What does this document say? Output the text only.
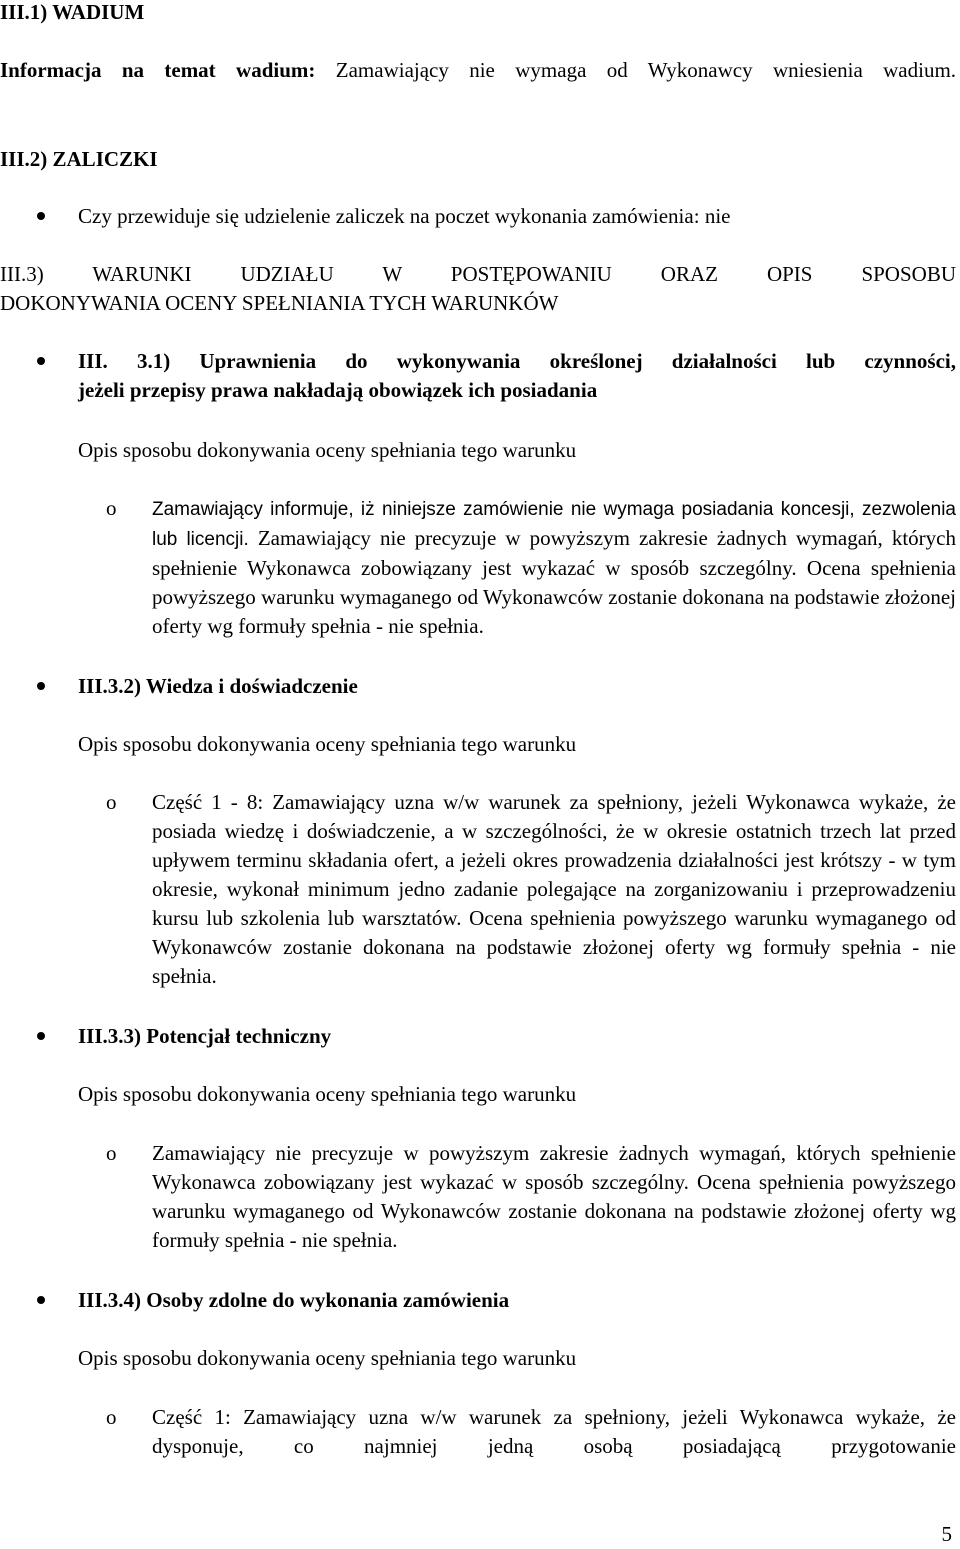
III.1) WADIUM
Informacja na temat wadium: Zamawiający nie wymaga od Wykonawcy wniesienia wadium.
III.2) ZALICZKI
Czy przewiduje się udzielenie zaliczek na poczet wykonania zamówienia: nie
III.3) WARUNKI UDZIAŁU W POSTĘPOWANIU ORAZ OPIS SPOSOBU
DOKONYWANIA OCENY SPEŁNIANIA TYCH WARUNKÓW
III. 3.1) Uprawnienia do wykonywania określonej działalności lub czynności,
jeżeli przepisy prawa nakładają obowiązek ich posiadania
Opis sposobu dokonywania oceny spełniania tego warunku
o Zamawiający informuje, iż niniejsze zamówienie nie wymaga posiadania koncesji, zezwolenia lub licencji. Zamawiający nie precyzuje w powyższym zakresie żadnych wymagań, których spełnienie Wykonawca zobowiązany jest wykazać w sposób szczególny. Ocena spełnienia powyższego warunku wymaganego od Wykonawców zostanie dokonana na podstawie złożonej oferty wg formuły spełnia - nie spełnia.
III.3.2) Wiedza i doświadczenie
Opis sposobu dokonywania oceny spełniania tego warunku
o Część 1 - 8: Zamawiający uzna w/w warunek za spełniony, jeżeli Wykonawca wykaże, że posiada wiedzę i doświadczenie, a w szczególności, że w okresie ostatnich trzech lat przed upływem terminu składania ofert, a jeżeli okres prowadzenia działalności jest krótszy - w tym okresie, wykonał minimum jedno zadanie polegające na zorganizowaniu i przeprowadzeniu kursu lub szkolenia lub warsztatów. Ocena spełnienia powyższego warunku wymaganego od Wykonawców zostanie dokonana na podstawie złożonej oferty wg formuły spełnia - nie spełnia.
III.3.3) Potencjał techniczny
Opis sposobu dokonywania oceny spełniania tego warunku
o Zamawiający nie precyzuje w powyższym zakresie żadnych wymagań, których spełnienie Wykonawca zobowiązany jest wykazać w sposób szczególny. Ocena spełnienia powyższego warunku wymaganego od Wykonawców zostanie dokonana na podstawie złożonej oferty wg formuły spełnia - nie spełnia.
III.3.4) Osoby zdolne do wykonania zamówienia
Opis sposobu dokonywania oceny spełniania tego warunku
o Część 1: Zamawiający uzna w/w warunek za spełniony, jeżeli Wykonawca wykaże, że dysponuje, co najmniej jedną osobą posiadającą przygotowanie
5
